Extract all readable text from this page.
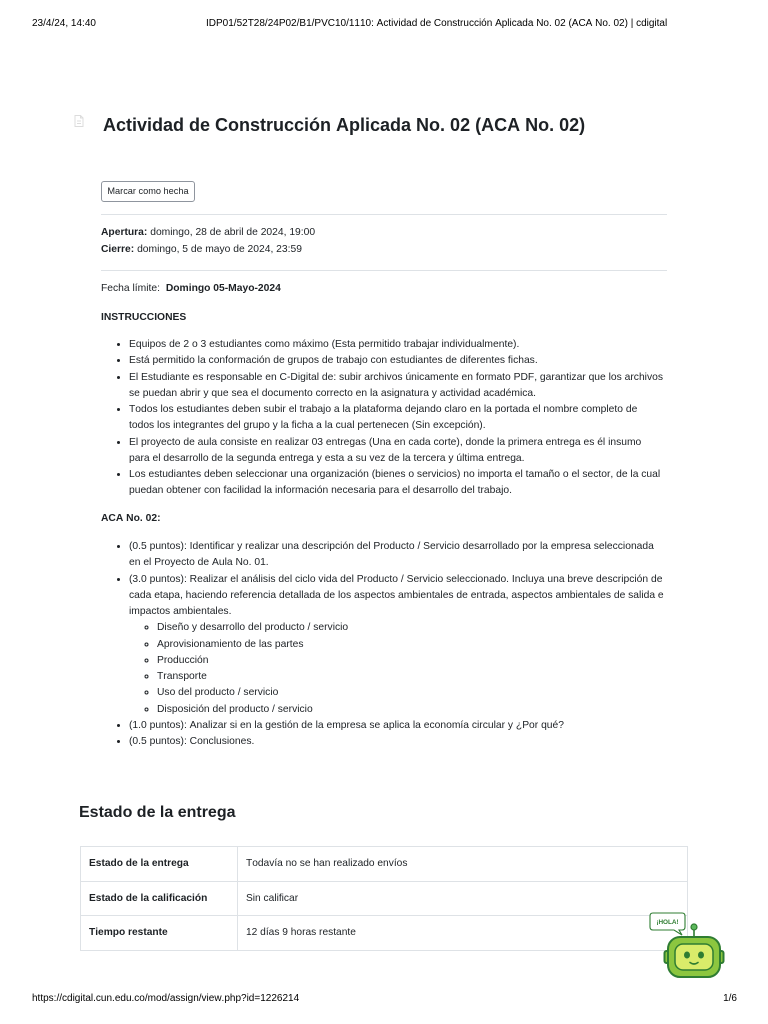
23/4/24, 14:40	IDP01/52T28/24P02/B1/PVC10/1110: Actividad de Construcción Aplicada No. 02 (ACA No. 02) | cdigital
Actividad de Construcción Aplicada No. 02 (ACA No. 02)
Marcar como hecha
Apertura: domingo, 28 de abril de 2024, 19:00
Cierre: domingo, 5 de mayo de 2024, 23:59
Fecha límite: Domingo 05-Mayo-2024
INSTRUCCIONES
• Equipos de 2 o 3 estudiantes como máximo (Esta permitido trabajar individualmente).
• Está permitido la conformación de grupos de trabajo con estudiantes de diferentes fichas.
• El Estudiante es responsable en C-Digital de: subir archivos únicamente en formato PDF, garantizar que los archivos se puedan abrir y que sea el documento correcto en la asignatura y actividad académica.
• Todos los estudiantes deben subir el trabajo a la plataforma dejando claro en la portada el nombre completo de todos los integrantes del grupo y la ficha a la cual pertenecen (Sin excepción).
• El proyecto de aula consiste en realizar 03 entregas (Una en cada corte), donde la primera entrega es él insumo para el desarrollo de la segunda entrega y esta a su vez de la tercera y última entrega.
• Los estudiantes deben seleccionar una organización (bienes o servicios) no importa el tamaño o el sector, de la cual puedan obtener con facilidad la información necesaria para el desarrollo del trabajo.
ACA No. 02:
• (0.5 puntos): Identificar y realizar una descripción del Producto / Servicio desarrollado por la empresa seleccionada en el Proyecto de Aula No. 01.
• (3.0 puntos): Realizar el análisis del ciclo vida del Producto / Servicio seleccionado. Incluya una breve descripción de cada etapa, haciendo referencia detallada de los aspectos ambientales de entrada, aspectos ambientales de salida e impactos ambientales.
◦ Diseño y desarrollo del producto / servicio
◦ Aprovisionamiento de las partes
◦ Producción
◦ Transporte
◦ Uso del producto / servicio
◦ Disposición del producto / servicio
• (1.0 puntos): Analizar si en la gestión de la empresa se aplica la economía circular y ¿Por qué?
• (0.5 puntos): Conclusiones.
Estado de la entrega
Estado de la entrega	Todavía no se han realizado envíos
Estado de la calificación	Sin calificar
Tiempo restante	12 días 9 horas restante
¡HOLA!
https://cdigital.cun.edu.co/mod/assign/view.php?id=1226214	1/6
